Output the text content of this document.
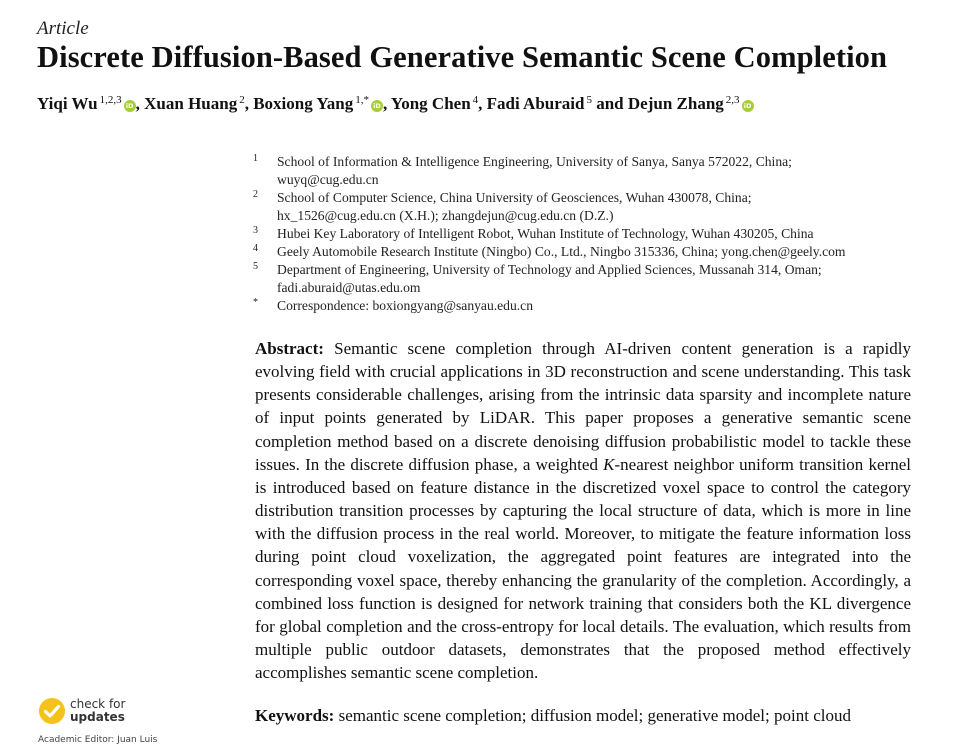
Article
Discrete Diffusion-Based Generative Semantic Scene Completion
Yiqi Wu $^{1,2,3}$ iD , Xuan Huang $^2$, Boxiong Yang $^{1,*}$ iD , Yong Chen $^4$, Fadi Aburaid $^5$ and Dejun Zhang $^{2,3}$ iD
1 School of Information & Intelligence Engineering, University of Sanya, Sanya 572022, China;
wuyq@cug.edu.cn
2 School of Computer Science, China University of Geosciences, Wuhan 430078, China;
hx_1526@cug.edu.cn (X.H.); zhangdejun@cug.edu.cn (D.Z.)
3 Hubei Key Laboratory of Intelligent Robot, Wuhan Institute of Technology, Wuhan 430205, China
4 Geely Automobile Research Institute (Ningbo) Co., Ltd., Ningbo 315336, China; yong.chen@geely.com
5 Department of Engineering, University of Technology and Applied Sciences, Mussanah 314, Oman;
fadi.aburaid@utas.edu.om
* Correspondence: boxiongyang@sanyau.edu.cn

Abstract: Semantic scene completion through AI-driven content generation is a rapidly evolving field with crucial applications in 3D reconstruction and scene understanding. This task presents considerable challenges, arising from the intrinsic data sparsity and incomplete nature of input points generated by LiDAR. This paper proposes a generative semantic scene completion method based on a discrete denoising diffusion probabilistic model to tackle these issues. In the discrete diffusion phase, a weighted K-nearest neighbor uniform transition kernel is introduced based on feature distance in the discretized voxel space to control the category distribution transition processes by capturing the local structure of data, which is more in line with the diffusion process in the real world. Moreover, to mitigate the feature information loss during point cloud voxelization, the aggregated point features are integrated into the corresponding voxel space, thereby enhancing the granularity of the completion. Accordingly, a combined loss function is designed for network training that considers both the KL divergence for global completion and the cross-entropy for local details. The evaluation, which results from multiple public outdoor datasets, demonstrates that the proposed method effectively accomplishes semantic scene completion.

Keywords: semantic scene completion; diffusion model; generative model; point cloud
check for
updates
Academic Editor: Juan Luis
